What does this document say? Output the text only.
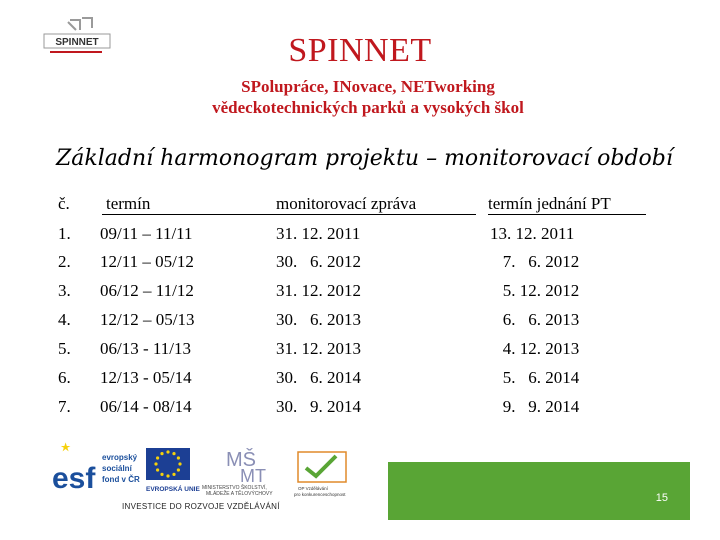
SPINNET	SPINNET
SPolupráce, INovace, NETworking
vědeckotechnických parků a vysokých škol
Základní harmonogram projektu – monitorovací období
č. termín	monitorovací zpráva	termín jednání PT
1. 09/11 – 11/11	31. 12. 2011	13. 12. 2011
2. 12/11 – 05/12	30.   6. 2012	7.   6. 2012
3. 06/12 – 11/12	31. 12. 2012	5. 12. 2012
4. 12/12 – 05/13	30.   6. 2013	6.   6. 2013
5. 06/13 - 11/13	31. 12. 2013	4. 12. 2013
6. 12/13 - 05/14	30.   6. 2014	5.   6. 2014
7. 06/14 - 08/14	30.   9. 2014	9.   9. 2014
esf
evropský
sociální
fond v ČR
EVROPSKÁ UNIE
MŠ
MT
MINISTERSTVO ŠKOLSTVÍ,
MLÁDEŽE A TĚLOVÝCHOVY
OP Vzdělávání
pro konkurenceschopnost
INVESTICE DO ROZVOJE VZDĚLÁVÁNÍ
15
